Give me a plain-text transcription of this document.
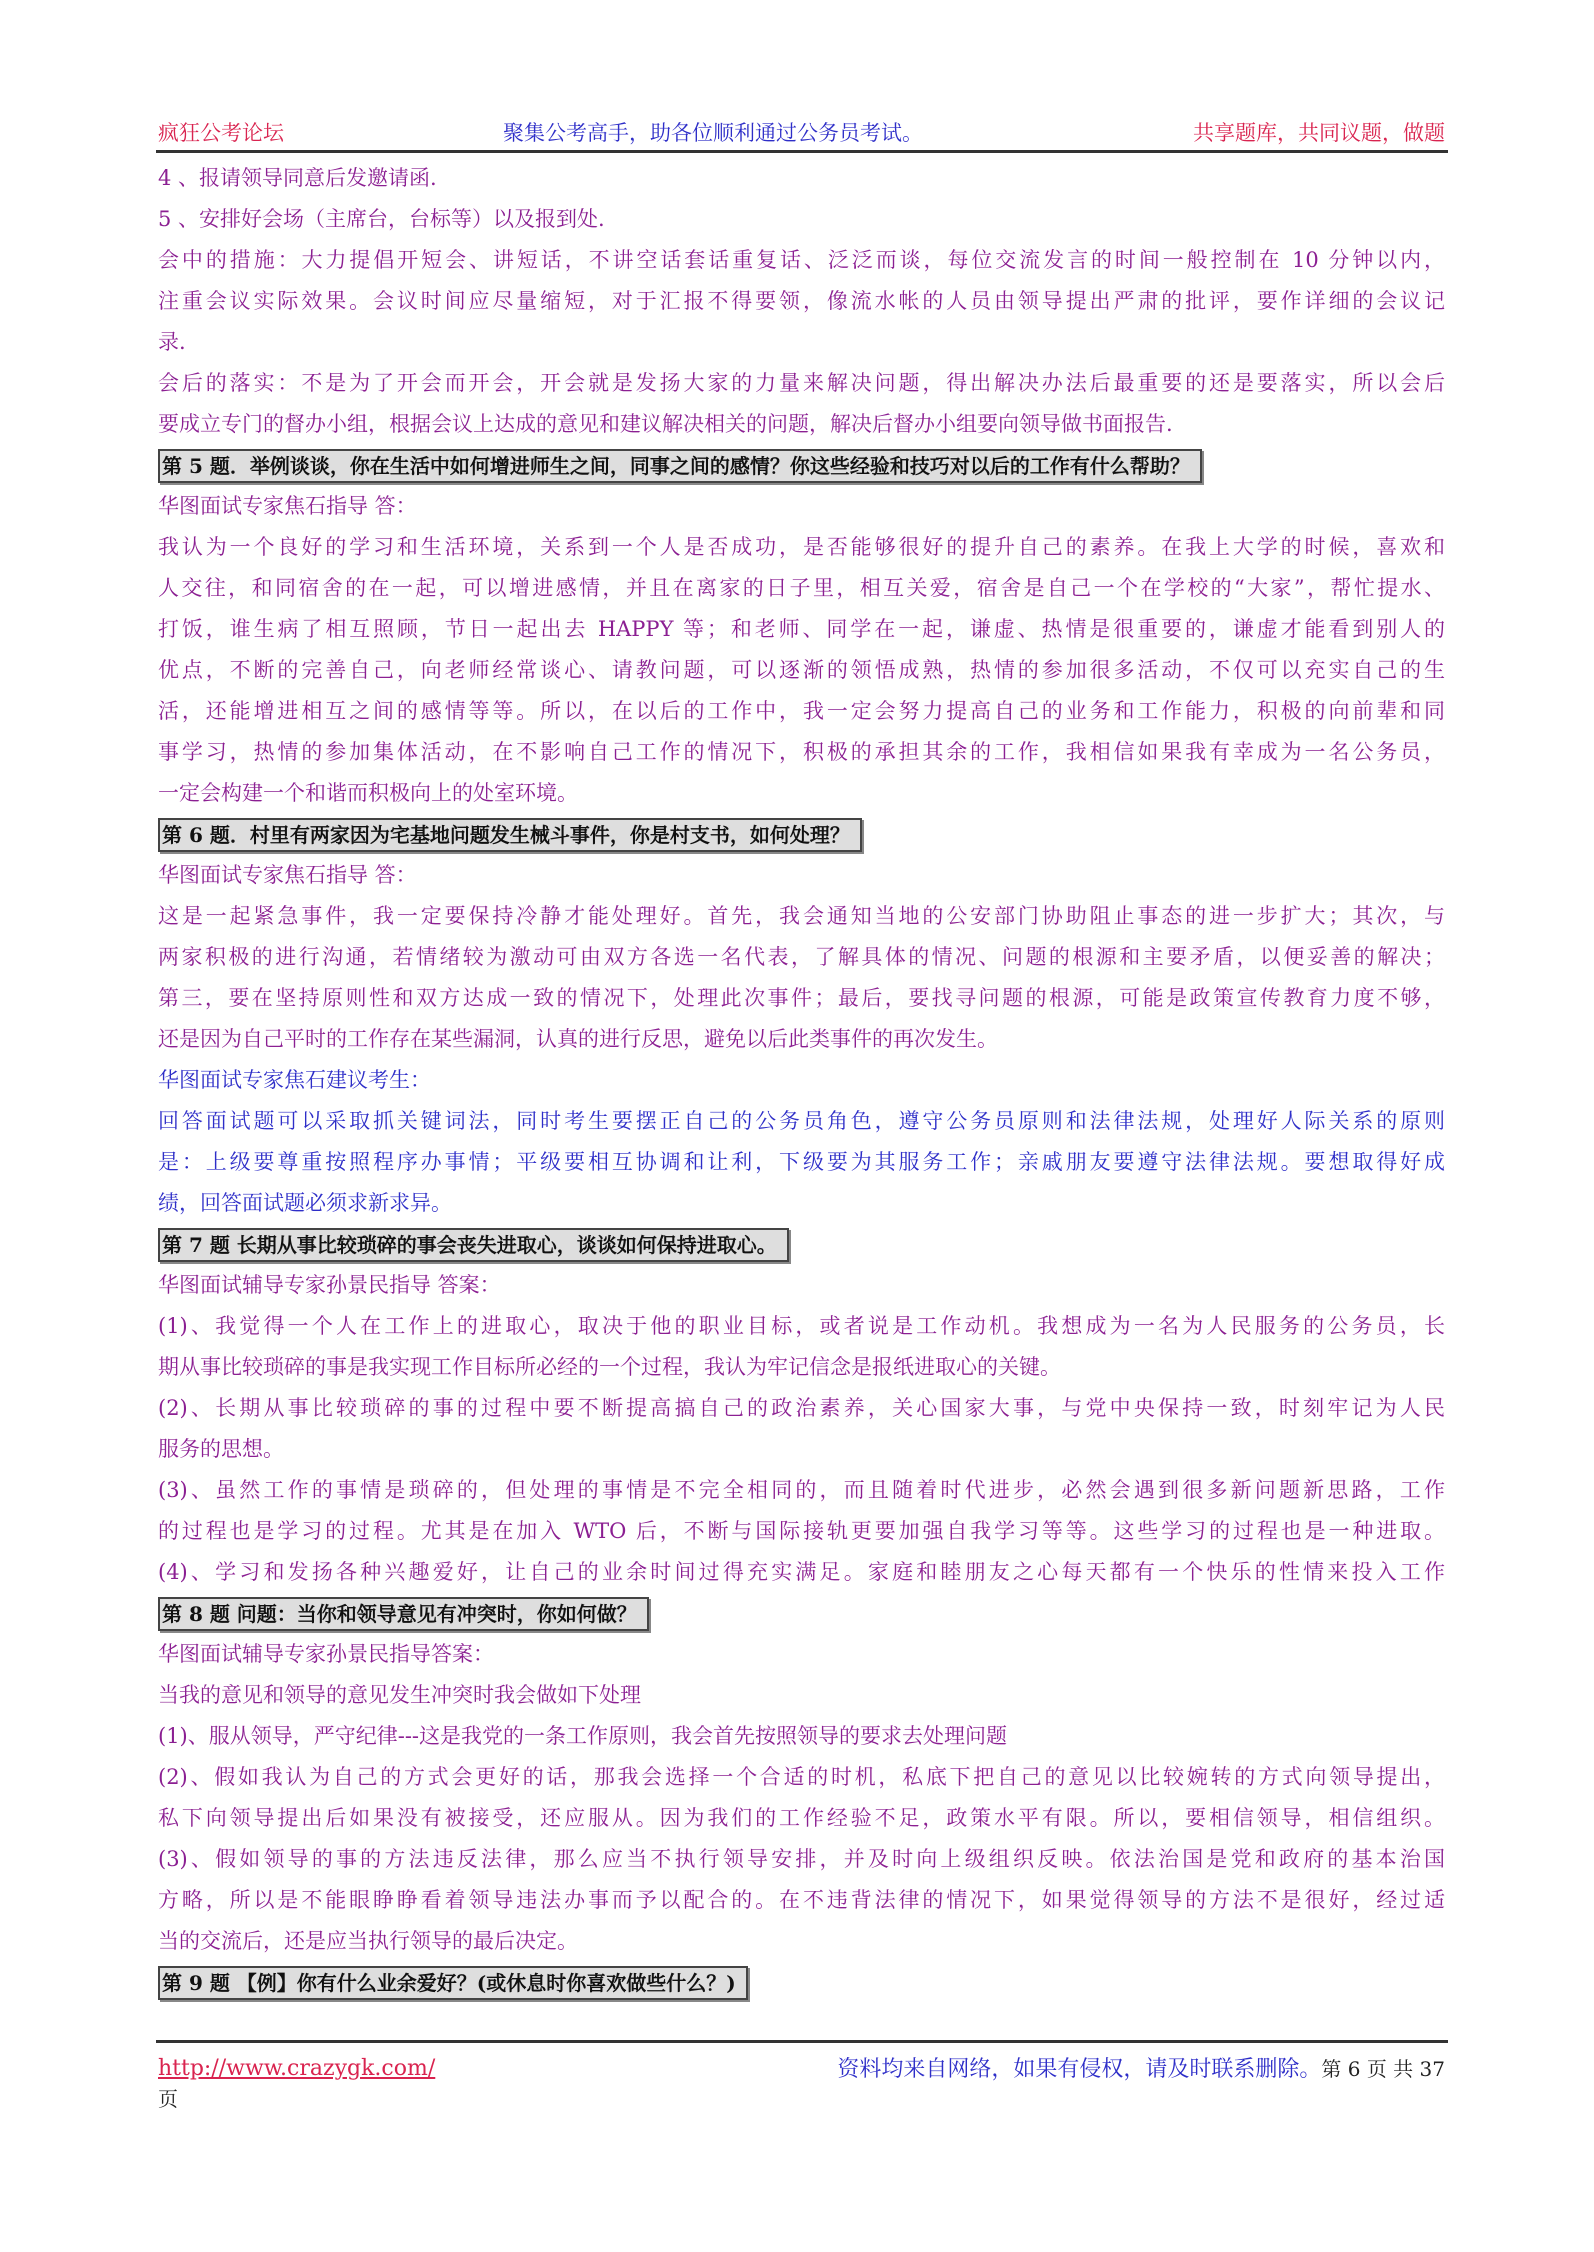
疯狂公考论坛	聚集公考高手，助各位顺利通过公务员考试。	共享题库，共同议题，做题
4 、报请领导同意后发邀请函.
5 、安排好会场（主席台，台标等）以及报到处.
会中的措施：大力提倡开短会、讲短话，不讲空话套话重复话、泛泛而谈，每位交流发言的时间一般控制在 10 分钟以内，
注重会议实际效果。会议时间应尽量缩短，对于汇报不得要领，像流水帐的人员由领导提出严肃的批评，要作详细的会议记
录.
会后的落实：不是为了开会而开会，开会就是发扬大家的力量来解决问题，得出解决办法后最重要的还是要落实，所以会后
要成立专门的督办小组，根据会议上达成的意见和建议解决相关的问题，解决后督办小组要向领导做书面报告.
第 5 题．举例谈谈，你在生活中如何增进师生之间，同事之间的感情？你这些经验和技巧对以后的工作有什么帮助？
华图面试专家焦石指导 答：
我认为一个良好的学习和生活环境，关系到一个人是否成功，是否能够很好的提升自己的素养。在我上大学的时候，喜欢和
人交往，和同宿舍的在一起，可以增进感情，并且在离家的日子里，相互关爱，宿舍是自己一个在学校的“大家”，帮忙提水、
打饭，谁生病了相互照顾，节日一起出去 HAPPY 等；和老师、同学在一起，谦虚、热情是很重要的，谦虚才能看到别人的
优点，不断的完善自己，向老师经常谈心、请教问题，可以逐渐的领悟成熟，热情的参加很多活动，不仅可以充实自己的生
活，还能增进相互之间的感情等等。所以，在以后的工作中，我一定会努力提高自己的业务和工作能力，积极的向前辈和同
事学习，热情的参加集体活动，在不影响自己工作的情况下，积极的承担其余的工作，我相信如果我有幸成为一名公务员，
一定会构建一个和谐而积极向上的处室环境。
第 6 题．村里有两家因为宅基地问题发生械斗事件，你是村支书，如何处理？
华图面试专家焦石指导 答：
这是一起紧急事件，我一定要保持冷静才能处理好。首先，我会通知当地的公安部门协助阻止事态的进一步扩大；其次，与
两家积极的进行沟通，若情绪较为激动可由双方各选一名代表，了解具体的情况、问题的根源和主要矛盾，以便妥善的解决；
第三，要在坚持原则性和双方达成一致的情况下，处理此次事件；最后，要找寻问题的根源，可能是政策宣传教育力度不够，
还是因为自己平时的工作存在某些漏洞，认真的进行反思，避免以后此类事件的再次发生。
华图面试专家焦石建议考生：
回答面试题可以采取抓关键词法，同时考生要摆正自己的公务员角色，遵守公务员原则和法律法规，处理好人际关系的原则
是：上级要尊重按照程序办事情；平级要相互协调和让利，下级要为其服务工作；亲戚朋友要遵守法律法规。要想取得好成
绩，回答面试题必须求新求异。
第 7 题 长期从事比较琐碎的事会丧失进取心，谈谈如何保持进取心。
华图面试辅导专家孙景民指导 答案：
(1)、我觉得一个人在工作上的进取心，取决于他的职业目标，或者说是工作动机。我想成为一名为人民服务的公务员，长
期从事比较琐碎的事是我实现工作目标所必经的一个过程，我认为牢记信念是报纸进取心的关键。
(2)、长期从事比较琐碎的事的过程中要不断提高搞自己的政治素养，关心国家大事，与党中央保持一致，时刻牢记为人民
服务的思想。
(3)、虽然工作的事情是琐碎的，但处理的事情是不完全相同的，而且随着时代进步，必然会遇到很多新问题新思路，工作
的过程也是学习的过程。尤其是在加入 WTO 后，不断与国际接轨更要加强自我学习等等。这些学习的过程也是一种进取。
(4)、学习和发扬各种兴趣爱好，让自己的业余时间过得充实满足。家庭和睦朋友之心每天都有一个快乐的性情来投入工作
第 8 题 问题：当你和领导意见有冲突时，你如何做？
华图面试辅导专家孙景民指导答案：
当我的意见和领导的意见发生冲突时我会做如下处理
(1)、服从领导，严守纪律---这是我党的一条工作原则，我会首先按照领导的要求去处理问题
(2)、假如我认为自己的方式会更好的话，那我会选择一个合适的时机，私底下把自己的意见以比较婉转的方式向领导提出，
私下向领导提出后如果没有被接受，还应服从。因为我们的工作经验不足，政策水平有限。所以，要相信领导，相信组织。
(3)、假如领导的事的方法违反法律，那么应当不执行领导安排，并及时向上级组织反映。依法治国是党和政府的基本治国
方略，所以是不能眼睁睁看着领导违法办事而予以配合的。在不违背法律的情况下，如果觉得领导的方法不是很好，经过适
当的交流后，还是应当执行领导的最后决定。
第 9 题 【例】你有什么业余爱好？(或休息时你喜欢做些什么？)
http://www.crazygk.com/	资料均来自网络，如果有侵权，请及时联系删除。第 6 页 共 37
页
